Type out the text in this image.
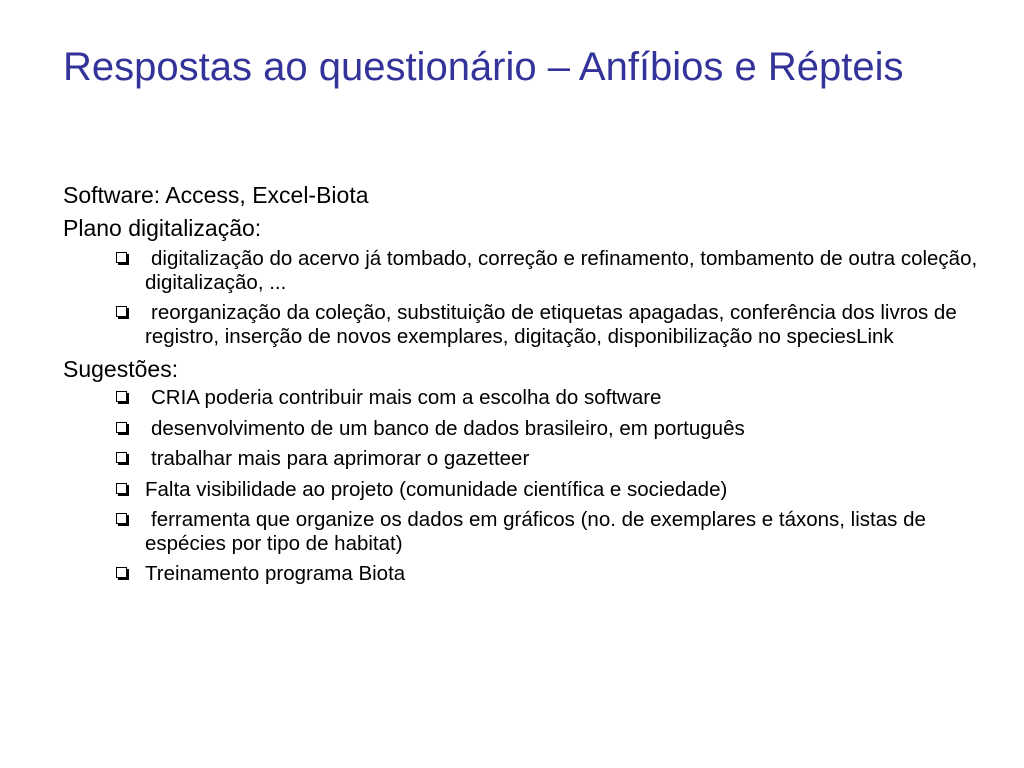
Respostas ao questionário – Anfíbios e Répteis

Software: Access, Excel-Biota

Plano digitalização:

digitalização do acervo já tombado, correção e refinamento, tombamento de outra coleção, digitalização, ...
reorganização da coleção, substituição de etiquetas apagadas, conferência dos livros de registro, inserção de novos exemplares, digitação, disponibilização no speciesLink

Sugestões:

CRIA poderia contribuir mais com a escolha do software
desenvolvimento de um banco de dados brasileiro, em português
trabalhar mais para aprimorar o gazetteer
Falta visibilidade ao projeto (comunidade científica e sociedade)
ferramenta que organize os dados em gráficos (no. de exemplares e táxons, listas de espécies por tipo de habitat)
Treinamento programa Biota
